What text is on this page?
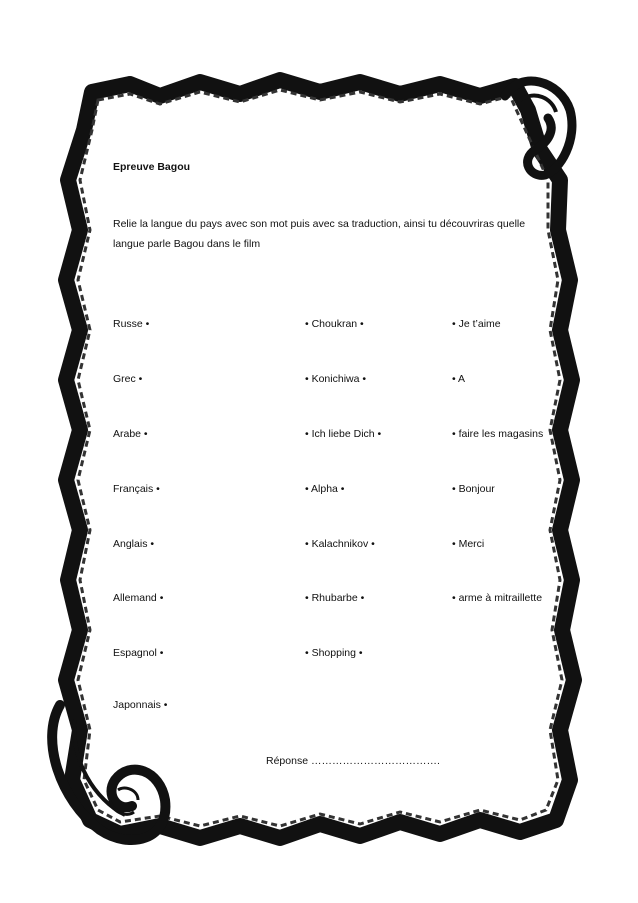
Epreuve Bagou
Relie la langue du pays avec son mot puis avec sa traduction, ainsi tu découvriras quelle langue parle Bagou dans le film
Russe •
Grec •
Arabe •
Français •
Anglais •
Allemand •
Espagnol •
Japonnais •
• Choukran •
• Konichiwa •
• Ich liebe Dich •
• Alpha •
• Kalachnikov •
• Rhubarbe •
• Shopping •
• Je t’aime
• A
• faire les magasins
• Bonjour
• Merci
• arme à mitraillette
Réponse ……………………………….
